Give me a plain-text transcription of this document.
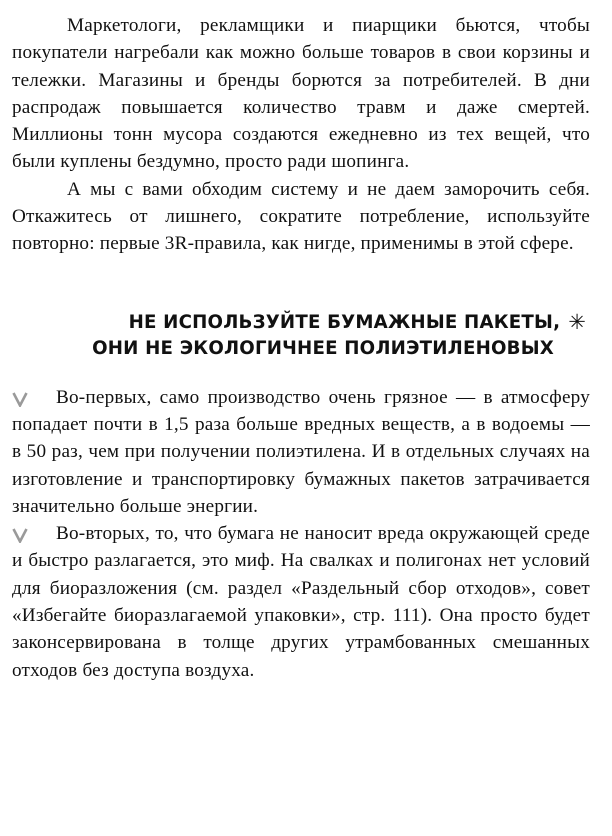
Маркетологи, рекламщики и пиарщики бьются, чтобы покупатели нагребали как можно больше товаров в свои корзины и тележки. Магазины и бренды борются за потребителей. В дни распродаж повышается количество травм и даже смертей. Миллионы тонн мусора создаются ежедневно из тех вещей, что были куплены бездумно, просто ради шопинга.

А мы с вами обходим систему и не даем заморочить себя. Откажитесь от лишнего, сократите потребление, используйте повторно: первые 3R-правила, как нигде, применимы в этой сфере.

НЕ ИСПОЛЬЗУЙТЕ БУМАЖНЫЕ ПАКЕТЫ, ✳
ОНИ НЕ ЭКОЛОГИЧНЕЕ ПОЛИЭТИЛЕНОВЫХ

Во-первых, само производство очень грязное — в атмосферу попадает почти в 1,5 раза больше вредных веществ, а в водоемы — в 50 раз, чем при получении полиэтилена. И в отдельных случаях на изготовление и транспортировку бумажных пакетов затрачивается значительно больше энергии.

Во-вторых, то, что бумага не наносит вреда окружающей среде и быстро разлагается, это миф. На свалках и полигонах нет условий для биоразложения (см. раздел «Раздельный сбор отходов», совет «Избегайте биоразлагаемой упаковки», стр. 111). Она просто будет законсервирована в толще других утрамбованных смешанных отходов без доступа воздуха.
